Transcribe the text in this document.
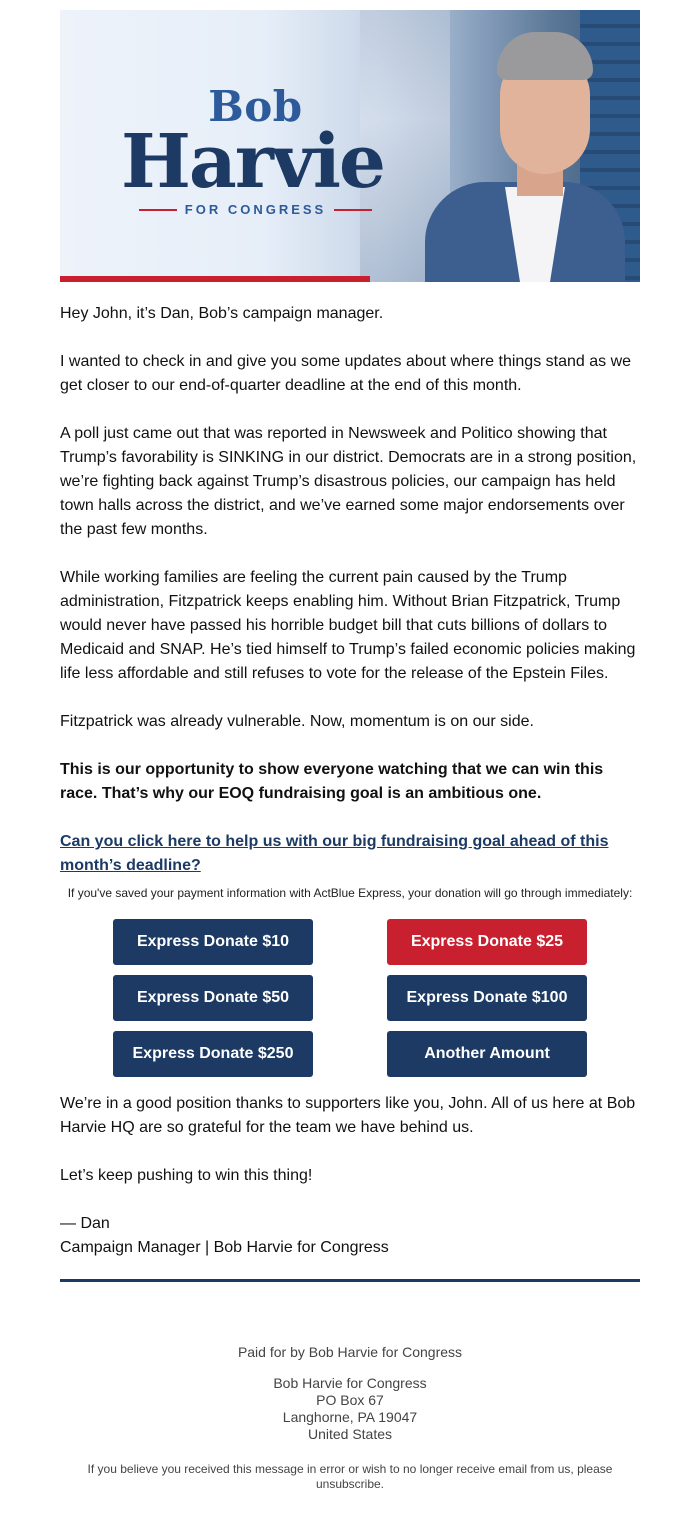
Bob
Harvie
FOR CONGRESS

Hey John, it’s Dan, Bob’s campaign manager.

I wanted to check in and give you some updates about where things stand as we get closer to our end-of-quarter deadline at the end of this month.

A poll just came out that was reported in Newsweek and Politico showing that Trump’s favorability is SINKING in our district. Democrats are in a strong position, we’re fighting back against Trump’s disastrous policies, our campaign has held town halls across the district, and we’ve earned some major endorsements over the past few months.

While working families are feeling the current pain caused by the Trump administration, Fitzpatrick keeps enabling him. Without Brian Fitzpatrick, Trump would never have passed his horrible budget bill that cuts billions of dollars to Medicaid and SNAP. He’s tied himself to Trump’s failed economic policies making life less affordable and still refuses to vote for the release of the Epstein Files.

Fitzpatrick was already vulnerable. Now, momentum is on our side.

This is our opportunity to show everyone watching that we can win this race. That’s why our EOQ fundraising goal is an ambitious one.

Can you click here to help us with our big fundraising goal ahead of this month’s deadline?

If you've saved your payment information with ActBlue Express, your donation will go through immediately:
Express Donate $10	Express Donate $25
Express Donate $50	Express Donate $100
Express Donate $250	Another Amount

We’re in a good position thanks to supporters like you, John. All of us here at Bob Harvie HQ are so grateful for the team we have behind us.

Let’s keep pushing to win this thing!

— Dan

Campaign Manager | Bob Harvie for Congress

Paid for by Bob Harvie for Congress
Bob Harvie for Congress
PO Box 67
Langhorne, PA 19047
United States
If you believe you received this message in error or wish to no longer receive email from us, please unsubscribe.
